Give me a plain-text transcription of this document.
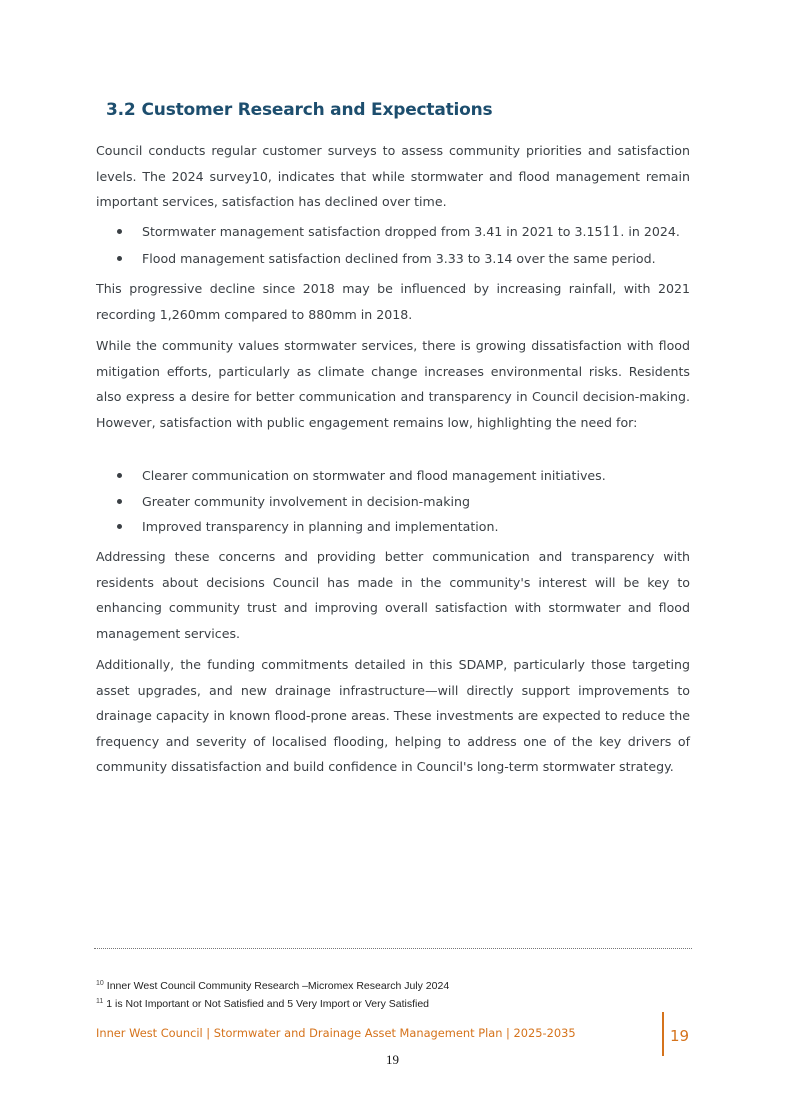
3.2 Customer Research and Expectations

Council conducts regular customer surveys to assess community priorities and satisfaction levels. The 2024 survey10, indicates that while stormwater and flood management remain important services, satisfaction has declined over time.

Stormwater management satisfaction dropped from 3.41 in 2021 to 3.1511. in 2024.
Flood management satisfaction declined from 3.33 to 3.14 over the same period.

This progressive decline since 2018 may be influenced by increasing rainfall, with 2021 recording 1,260mm compared to 880mm in 2018.

While the community values stormwater services, there is growing dissatisfaction with flood mitigation efforts, particularly as climate change increases environmental risks. Residents also express a desire for better communication and transparency in Council decision-making. However, satisfaction with public engagement remains low, highlighting the need for:

Clearer communication on stormwater and flood management initiatives.
Greater community involvement in decision-making
Improved transparency in planning and implementation.

Addressing these concerns and providing better communication and transparency with residents about decisions Council has made in the community's interest will be key to enhancing community trust and improving overall satisfaction with stormwater and flood management services.

Additionally, the funding commitments detailed in this SDAMP, particularly those targeting asset upgrades, and new drainage infrastructure—will directly support improvements to drainage capacity in known flood-prone areas. These investments are expected to reduce the frequency and severity of localised flooding, helping to address one of the key drivers of community dissatisfaction and build confidence in Council's long-term stormwater strategy.

$^{10}$ Inner West Council Community Research –Micromex Research July 2024
$^{11}$ 1 is Not Important or Not Satisfied and 5 Very Import or Very Satisfied
Inner West Council | Stormwater and Drainage Asset Management Plan | 2025-2035	19
19
